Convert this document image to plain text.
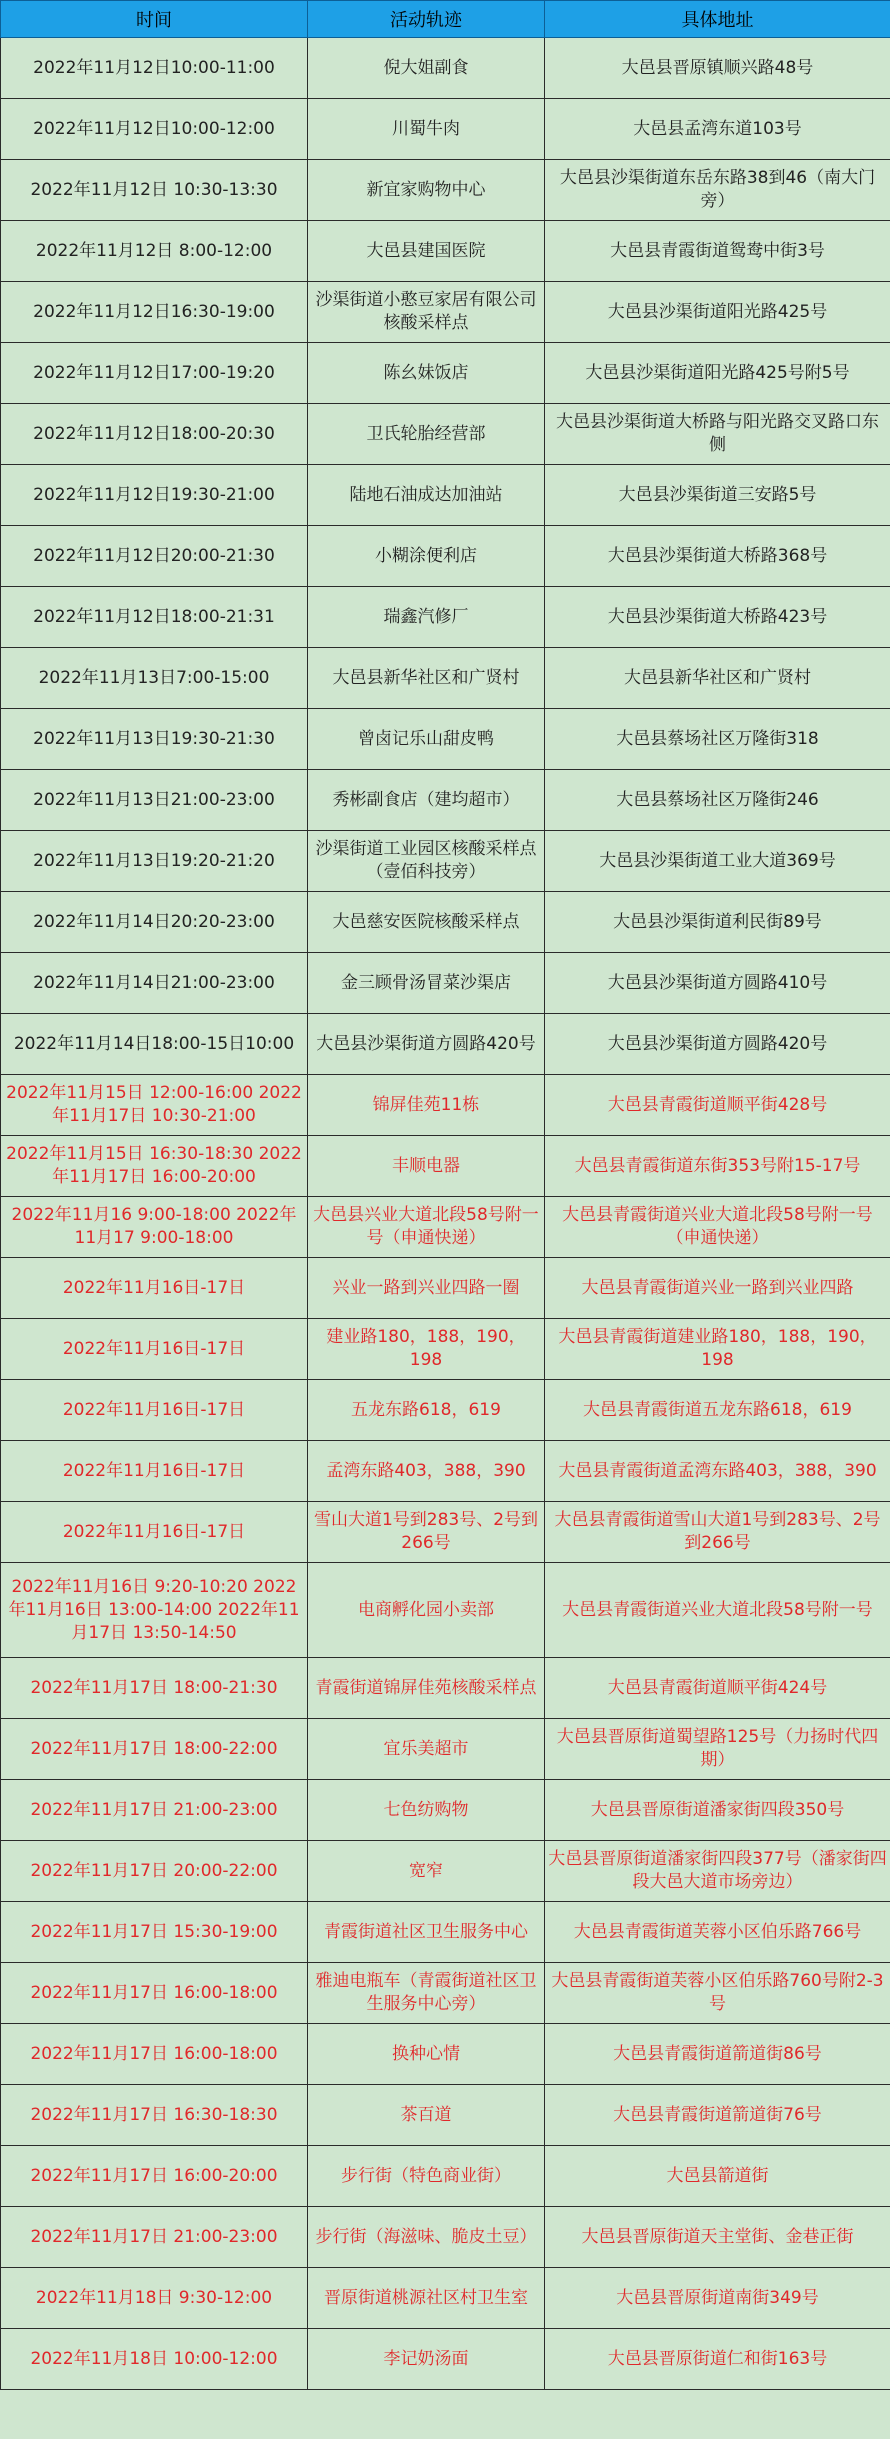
时间	活动轨迹	具体地址
2022年11月12日10:00-11:00	倪大姐副食	大邑县晋原镇顺兴路48号
2022年11月12日10:00-12:00	川蜀牛肉	大邑县孟湾东道103号
2022年11月12日 10:30-13:30	新宜家购物中心	大邑县沙渠街道东岳东路38到46（南大门旁）
2022年11月12日 8:00-12:00	大邑县建国医院	大邑县青霞街道鸳鸯中街3号
2022年11月12日16:30-19:00	沙渠街道小憨豆家居有限公司核酸采样点	大邑县沙渠街道阳光路425号
2022年11月12日17:00-19:20	陈幺妹饭店	大邑县沙渠街道阳光路425号附5号
2022年11月12日18:00-20:30	卫氏轮胎经营部	大邑县沙渠街道大桥路与阳光路交叉路口东侧
2022年11月12日19:30-21:00	陆地石油成达加油站	大邑县沙渠街道三安路5号
2022年11月12日20:00-21:30	小糊涂便利店	大邑县沙渠街道大桥路368号
2022年11月12日18:00-21:31	瑞鑫汽修厂	大邑县沙渠街道大桥路423号
2022年11月13日7:00-15:00	大邑县新华社区和广贤村	大邑县新华社区和广贤村
2022年11月13日19:30-21:30	曾卤记乐山甜皮鸭	大邑县蔡场社区万隆街318
2022年11月13日21:00-23:00	秀彬副食店（建均超市）	大邑县蔡场社区万隆街246
2022年11月13日19:20-21:20	沙渠街道工业园区核酸采样点（壹佰科技旁）	大邑县沙渠街道工业大道369号
2022年11月14日20:20-23:00	大邑慈安医院核酸采样点	大邑县沙渠街道利民街89号
2022年11月14日21:00-23:00	金三顾骨汤冒菜沙渠店	大邑县沙渠街道方圆路410号
2022年11月14日18:00-15日10:00	大邑县沙渠街道方圆路420号	大邑县沙渠街道方圆路420号
2022年11月15日 12:00-16:00 2022年11月17日 10:30-21:00	锦屏佳苑11栋	大邑县青霞街道顺平街428号
2022年11月15日 16:30-18:30 2022年11月17日 16:00-20:00	丰顺电器	大邑县青霞街道东街353号附15-17号
2022年11月16 9:00-18:00 2022年11月17 9:00-18:00	大邑县兴业大道北段58号附一号（申通快递）	大邑县青霞街道兴业大道北段58号附一号（申通快递）
2022年11月16日-17日	兴业一路到兴业四路一圈	大邑县青霞街道兴业一路到兴业四路
2022年11月16日-17日	建业路180，188，190，198	大邑县青霞街道建业路180，188，190，198
2022年11月16日-17日	五龙东路618，619	大邑县青霞街道五龙东路618，619
2022年11月16日-17日	孟湾东路403，388，390	大邑县青霞街道孟湾东路403，388，390
2022年11月16日-17日	雪山大道1号到283号、2号到266号	大邑县青霞街道雪山大道1号到283号、2号到266号
2022年11月16日 9:20-10:20 2022年11月16日 13:00-14:00 2022年11月17日 13:50-14:50	电商孵化园小卖部	大邑县青霞街道兴业大道北段58号附一号
2022年11月17日 18:00-21:30	青霞街道锦屏佳苑核酸采样点	大邑县青霞街道顺平街424号
2022年11月17日 18:00-22:00	宜乐美超市	大邑县晋原街道蜀望路125号（力扬时代四期）
2022年11月17日 21:00-23:00	七色纺购物	大邑县晋原街道潘家街四段350号
2022年11月17日 20:00-22:00	宽窄	大邑县晋原街道潘家街四段377号（潘家街四段大邑大道市场旁边）
2022年11月17日 15:30-19:00	青霞街道社区卫生服务中心	大邑县青霞街道芙蓉小区伯乐路766号
2022年11月17日 16:00-18:00	雅迪电瓶车（青霞街道社区卫生服务中心旁）	大邑县青霞街道芙蓉小区伯乐路760号附2-3号
2022年11月17日 16:00-18:00	换种心情	大邑县青霞街道箭道街86号
2022年11月17日 16:30-18:30	茶百道	大邑县青霞街道箭道街76号
2022年11月17日 16:00-20:00	步行街（特色商业街）	大邑县箭道街
2022年11月17日 21:00-23:00	步行街（海滋味、脆皮土豆）	大邑县晋原街道天主堂街、金巷正街
2022年11月18日 9:30-12:00	晋原街道桃源社区村卫生室	大邑县晋原街道南街349号
2022年11月18日 10:00-12:00	李记奶汤面	大邑县晋原街道仁和街163号
